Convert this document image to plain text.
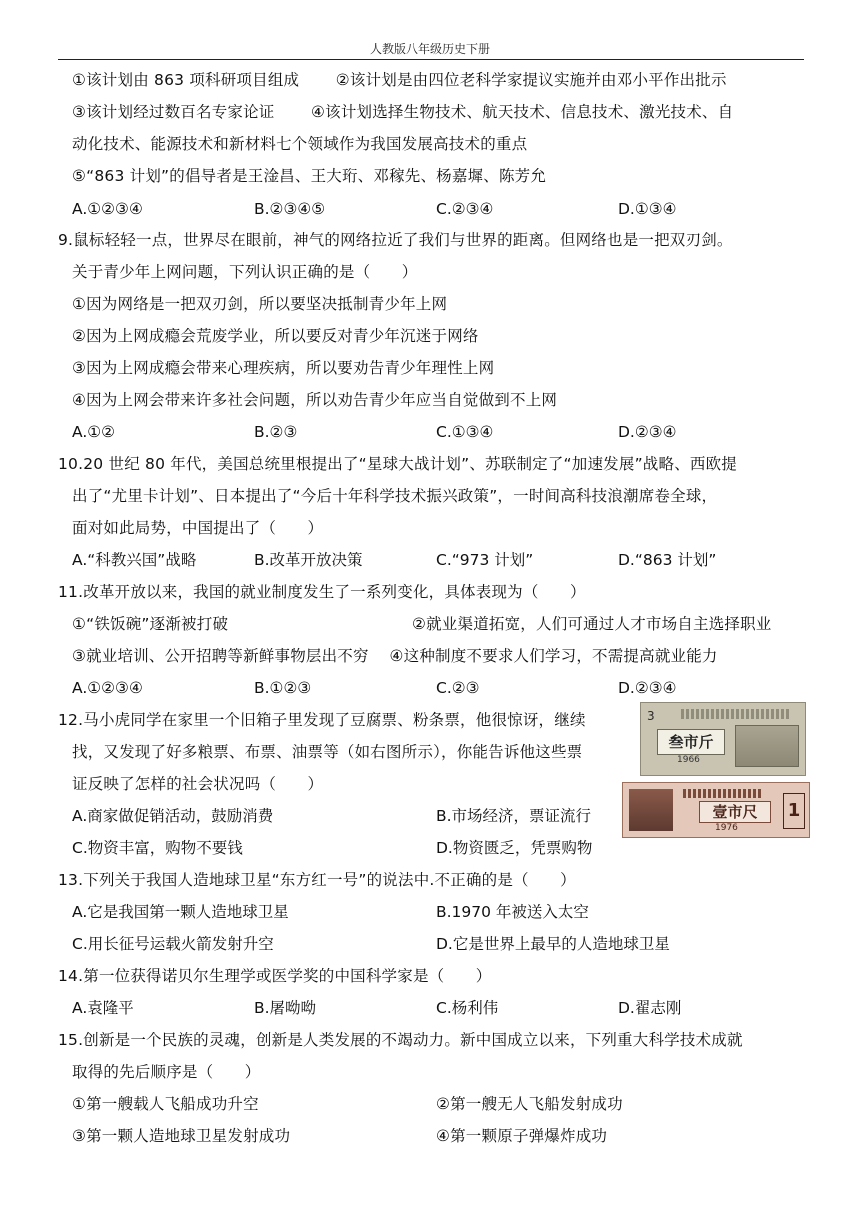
人教版八年级历史下册
①该计划由 863 项科研项目组成 　　②该计划是由四位老科学家提议实施并由邓小平作出批示
③该计划经过数百名专家论证 　　④该计划选择生物技术、航天技术、信息技术、激光技术、自
动化技术、能源技术和新材料七个领域作为我国发展高技术的重点
⑤“863 计划”的倡导者是王淦昌、王大珩、邓稼先、杨嘉墀、陈芳允
A.①②③④	B.②③④⑤	C.②③④	D.①③④
9.鼠标轻轻一点，世界尽在眼前，神气的网络拉近了我们与世界的距离。但网络也是一把双刃剑。
关于青少年上网问题，下列认识正确的是（　　）
①因为网络是一把双刃剑，所以要坚决抵制青少年上网
②因为上网成瘾会荒废学业，所以要反对青少年沉迷于网络
③因为上网成瘾会带来心理疾病，所以要劝告青少年理性上网
④因为上网会带来许多社会问题，所以劝告青少年应当自觉做到不上网
A.①②	B.②③	C.①③④	D.②③④
10.20 世纪 80 年代，美国总统里根提出了“星球大战计划”、苏联制定了“加速发展”战略、西欧提
出了“尤里卡计划”、日本提出了“今后十年科学技术振兴政策”，一时间高科技浪潮席卷全球，
面对如此局势，中国提出了（　　）
A.“科教兴国”战略	B.改革开放决策	C.“973 计划”	D.“863 计划”
11.改革开放以来，我国的就业制度发生了一系列变化，具体表现为（　　）
①“铁饭碗”逐渐被打破	②就业渠道拓宽，人们可通过人才市场自主选择职业
③就业培训、公开招聘等新鲜事物层出不穷 　④这种制度不要求人们学习，不需提高就业能力
A.①②③④	B.①②③	C.②③	D.②③④
12.马小虎同学在家里一个旧箱子里发现了豆腐票、粉条票，他很惊讶，继续
找，又发现了好多粮票、布票、油票等（如右图所示），你能告诉他这些票
证反映了怎样的社会状况吗（　　）
A.商家做促销活动，鼓励消费	B.市场经济，票证流行
C.物资丰富，购物不要钱	D.物资匮乏，凭票购物
3
叁市斤
1966
壹市尺
1976
1
13.下列关于我国人造地球卫星“东方红一号”的说法中.不正确的是（　　）
A.它是我国第一颗人造地球卫星	B.1970 年被送入太空
C.用长征号运载火箭发射升空	D.它是世界上最早的人造地球卫星
14.第一位获得诺贝尔生理学或医学奖的中国科学家是（　　）
A.袁隆平	B.屠呦呦	C.杨利伟	D.翟志刚
15.创新是一个民族的灵魂，创新是人类发展的不竭动力。新中国成立以来，下列重大科学技术成就
取得的先后顺序是（　　）
①第一艘载人飞船成功升空	②第一艘无人飞船发射成功
③第一颗人造地球卫星发射成功	④第一颗原子弹爆炸成功
